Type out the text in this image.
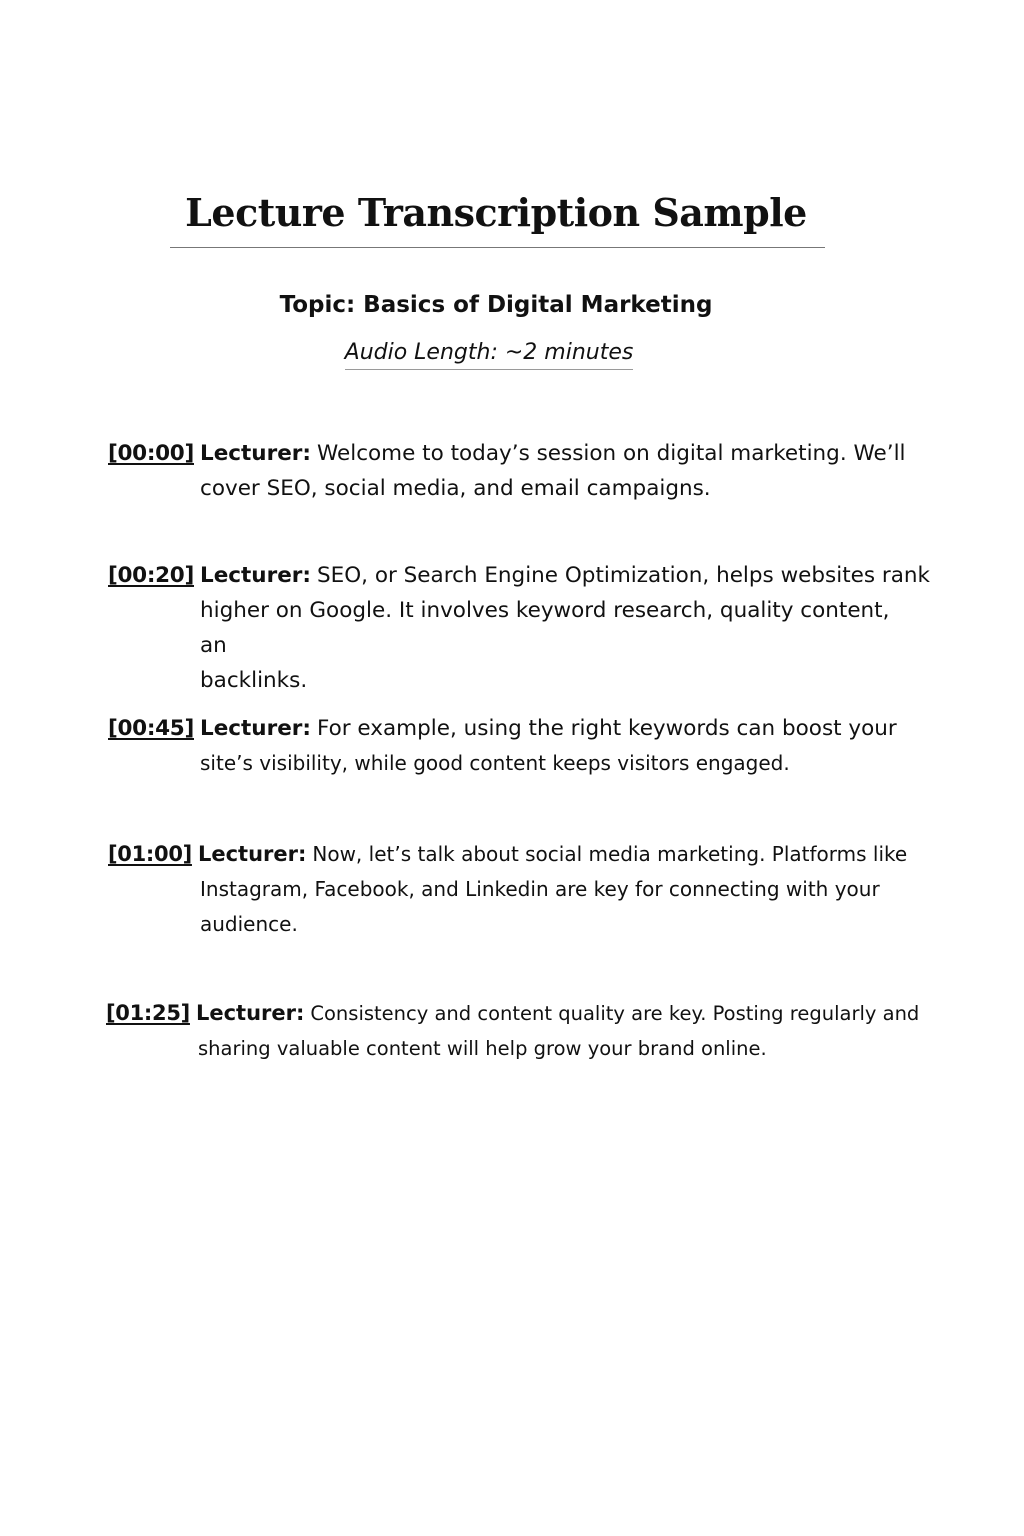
Lecture Transcription Sample

Topic: Basics of Digital Marketing

Audio Length: ~2 minutes
[00:00] Lecturer: Welcome to today’s session on digital marketing. We’ll
cover SEO, social media, and email campaigns.
[00:20] Lecturer: SEO, or Search Engine Optimization, helps websites rank
higher on Google. It involves keyword research, quality content, an
backlinks.
[00:45] Lecturer: For example, using the right keywords can boost your
site’s visibility, while good content keeps visitors engaged.
[01:00] Lecturer: Now, let’s talk about social media marketing. Platforms like
Instagram, Facebook, and Linkedin are key for connecting with your
audience.
[01:25] Lecturer: Consistency and content quality are key. Posting regularly and
sharing valuable content will help grow your brand online.
